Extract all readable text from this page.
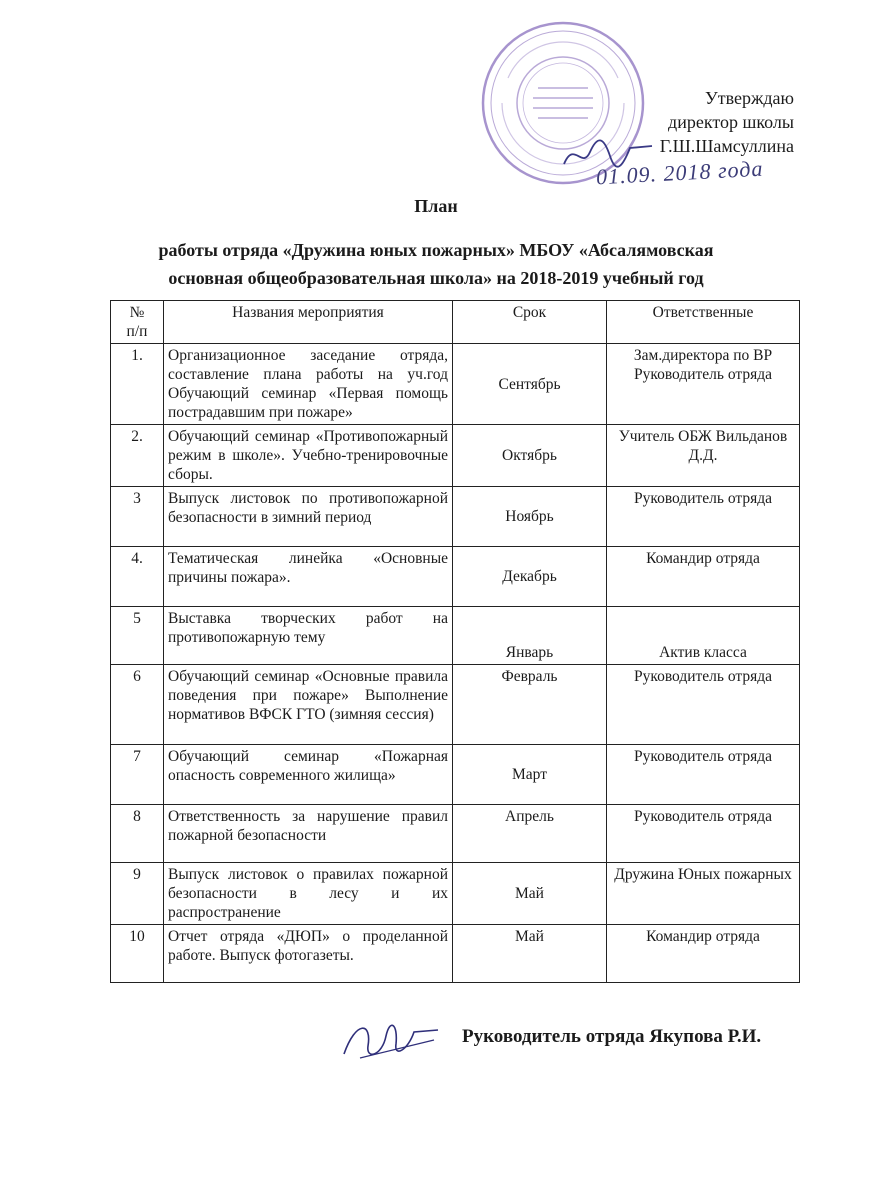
Утверждаю
директор школы
Г.Ш.Шамсуллина
01.09. 2018 года
План
работы отряда «Дружина юных пожарных» МБОУ «Абсалямовская
основная общеобразовательная школа» на 2018-2019 учебный год
№
п/п	Названия мероприятия	Срок	Ответственные
1.	Организационное заседание отряда, составление плана работы на уч.год Обучающий семинар «Первая помощь пострадавшим при пожаре»	Сентябрь	Зам.директора по ВР Руководитель отряда
2.	Обучающий семинар «Противопожарный режим в школе». Учебно-тренировочные сборы.	Октябрь	Учитель ОБЖ Вильданов Д.Д.
3	Выпуск листовок по противопожарной безопасности в зимний период	Ноябрь	Руководитель отряда
4.	Тематическая линейка «Основные причины пожара».	Декабрь	Командир отряда
5	Выставка творческих работ на противопожарную тему	Январь	Актив класса
6	Обучающий семинар «Основные правила поведения при пожаре» Выполнение нормативов ВФСК ГТО (зимняя сессия)	Февраль	Руководитель отряда
7	Обучающий семинар «Пожарная опасность современного жилища»	Март	Руководитель отряда
8	Ответственность за нарушение правил пожарной безопасности	Апрель	Руководитель отряда
9	Выпуск листовок о правилах пожарной безопасности в лесу и их распространение	Май	Дружина Юных пожарных
10	Отчет отряда «ДЮП» о проделанной работе. Выпуск фотогазеты.	Май	Командир отряда
Руководитель отряда Якупова Р.И.
